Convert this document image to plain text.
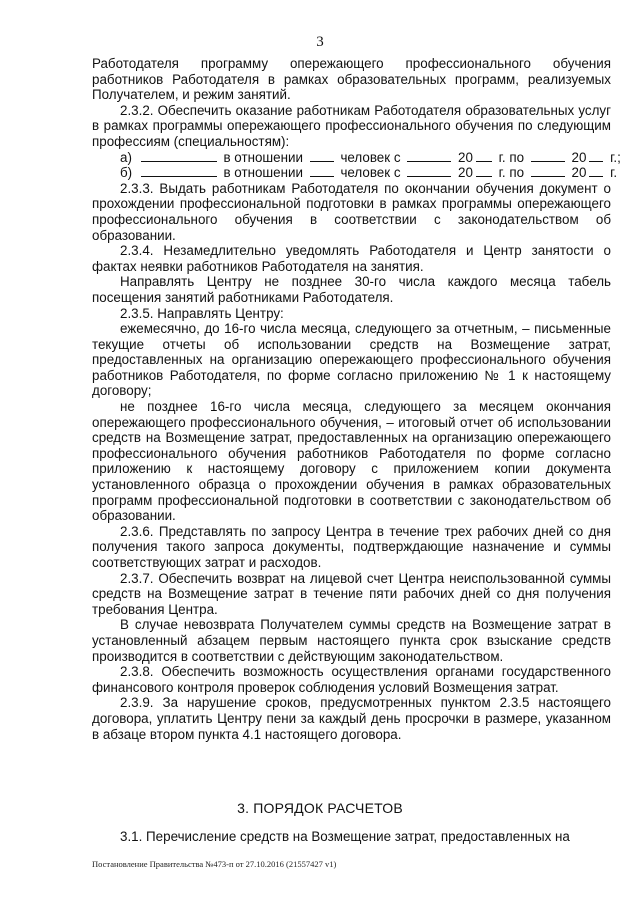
3

Работодателя программу опережающего профессионального обучения работников Работодателя в рамках образовательных программ, реализуемых Получателем, и режим занятий.

2.3.2. Обеспечить оказание работникам Работодателя образовательных услуг в рамках программы опережающего профессионального обучения по следующим профессиям (специальностям):

а)	в отношении	человек с	20 г. по	20 г.;

б)	в отношении	человек с	20 г. по	20 г.

2.3.3. Выдать работникам Работодателя по окончании обучения документ о прохождении профессиональной подготовки в рамках программы опережающего профессионального обучения в соответствии с законодательством об образовании.

2.3.4. Незамедлительно уведомлять Работодателя и Центр занятости о фактах неявки работников Работодателя на занятия.

Направлять Центру не позднее 30-го числа каждого месяца табель посещения занятий работниками Работодателя.

2.3.5. Направлять Центру:

ежемесячно, до 16-го числа месяца, следующего за отчетным, – письменные текущие отчеты об использовании средств на Возмещение затрат, предоставленных на организацию опережающего профессионального обучения работников Работодателя, по форме согласно приложению № 1 к настоящему договору;

не позднее 16-го числа месяца, следующего за месяцем окончания опережающего профессионального обучения, – итоговый отчет об использовании средств на Возмещение затрат, предоставленных на организацию опережающего профессионального обучения работников Работодателя по форме согласно приложению к настоящему договору с приложением копии документа установленного образца о прохождении обучения в рамках образовательных программ профессиональной подготовки в соответствии с законодательством об образовании.

2.3.6. Представлять по запросу Центра в течение трех рабочих дней со дня получения такого запроса документы, подтверждающие назначение и суммы соответствующих затрат и расходов.

2.3.7. Обеспечить возврат на лицевой счет Центра неиспользованной суммы средств на Возмещение затрат в течение пяти рабочих дней со дня получения требования Центра.

В случае невозврата Получателем суммы средств на Возмещение затрат в установленный абзацем первым настоящего пункта срок взыскание средств производится в соответствии с действующим законодательством.

2.3.8. Обеспечить возможность осуществления органами государственного финансового контроля проверок соблюдения условий Возмещения затрат.

2.3.9. За нарушение сроков, предусмотренных пунктом 2.3.5 настоящего договора, уплатить Центру пени за каждый день просрочки в размере, указанном в абзаце втором пункта 4.1 настоящего договора.

3. ПОРЯДОК РАСЧЕТОВ

3.1. Перечисление средств на Возмещение затрат, предоставленных на

Постановление Правительства №473-п от 27.10.2016 (21557427 v1)
